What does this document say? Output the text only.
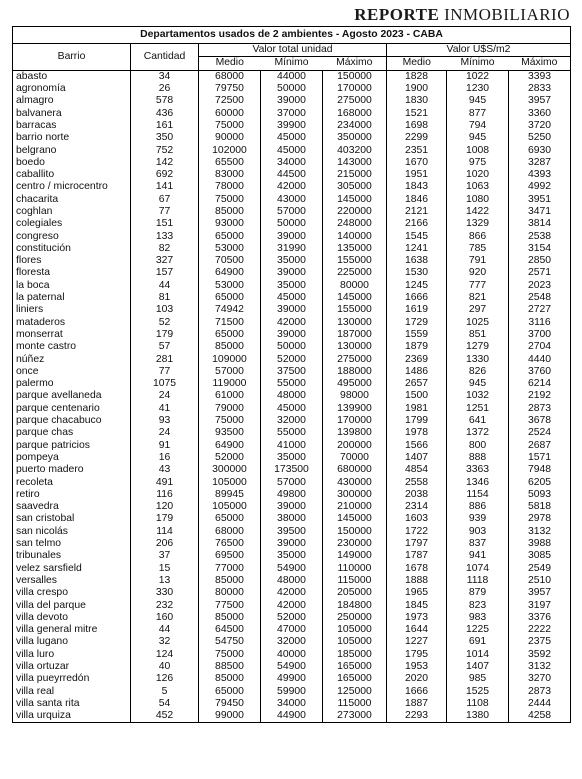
REPORTE INMOBILIARIO
Departamentos usados de 2 ambientes - Agosto 2023 - CABA							
Barrio	Cantidad	Valor total unidad			Valor U$S/m2		
		Medio	Mínimo	Máximo	Medio	Mínimo	Máximo
abasto	34	68000	44000	150000	1828	1022	3393
agronomía	26	79750	50000	170000	1900	1230	2833
almagro	578	72500	39000	275000	1830	945	3957
balvanera	436	60000	37000	168000	1521	877	3360
barracas	161	75000	39900	234000	1698	794	3720
barrio norte	350	90000	45000	350000	2299	945	5250
belgrano	752	102000	45000	403200	2351	1008	6930
boedo	142	65500	34000	143000	1670	975	3287
caballito	692	83000	44500	215000	1951	1020	4393
centro / microcentro	141	78000	42000	305000	1843	1063	4992
chacarita	67	75000	43000	145000	1846	1080	3951
coghlan	77	85000	57000	220000	2121	1422	3471
colegiales	151	93000	50000	248000	2166	1329	3814
congreso	133	65000	39000	140000	1545	866	2538
constitución	82	53000	31990	135000	1241	785	3154
flores	327	70500	35000	155000	1638	791	2850
floresta	157	64900	39000	225000	1530	920	2571
la boca	44	53000	35000	80000	1245	777	2023
la paternal	81	65000	45000	145000	1666	821	2548
liniers	103	74942	39000	155000	1619	297	2727
mataderos	52	71500	42000	130000	1729	1025	3116
monserrat	179	65000	39000	187000	1559	851	3700
monte castro	57	85000	50000	130000	1879	1279	2704
núñez	281	109000	52000	275000	2369	1330	4440
once	77	57000	37500	188000	1486	826	3760
palermo	1075	119000	55000	495000	2657	945	6214
parque avellaneda	24	61000	48000	98000	1500	1032	2192
parque centenario	41	79000	45000	139900	1981	1251	2873
parque chacabuco	93	75000	32000	170000	1799	641	3678
parque chas	24	93500	55000	139800	1978	1372	2524
parque patricios	91	64900	41000	200000	1566	800	2687
pompeya	16	52000	35000	70000	1407	888	1571
puerto madero	43	300000	173500	680000	4854	3363	7948
recoleta	491	105000	57000	430000	2558	1346	6205
retiro	116	89945	49800	300000	2038	1154	5093
saavedra	120	105000	39000	210000	2314	886	5818
san cristobal	179	65000	38000	145000	1603	939	2978
san nicolás	114	68000	39500	150000	1722	903	3132
san telmo	206	76500	39000	230000	1797	837	3988
tribunales	37	69500	35000	149000	1787	941	3085
velez sarsfield	15	77000	54900	110000	1678	1074	2549
versalles	13	85000	48000	115000	1888	1118	2510
villa crespo	330	80000	42000	205000	1965	879	3957
villa del parque	232	77500	42000	184800	1845	823	3197
villa devoto	160	85000	52000	250000	1973	983	3376
villa general mitre	44	64500	47000	105000	1644	1225	2222
villa lugano	32	54750	32000	105000	1227	691	2375
villa luro	124	75000	40000	185000	1795	1014	3592
villa ortuzar	40	88500	54900	165000	1953	1407	3132
villa pueyrredón	126	85000	49900	165000	2020	985	3270
villa real	5	65000	59900	125000	1666	1525	2873
villa santa rita	54	79450	34000	115000	1887	1108	2444
villa urquiza	452	99000	44900	273000	2293	1380	4258
